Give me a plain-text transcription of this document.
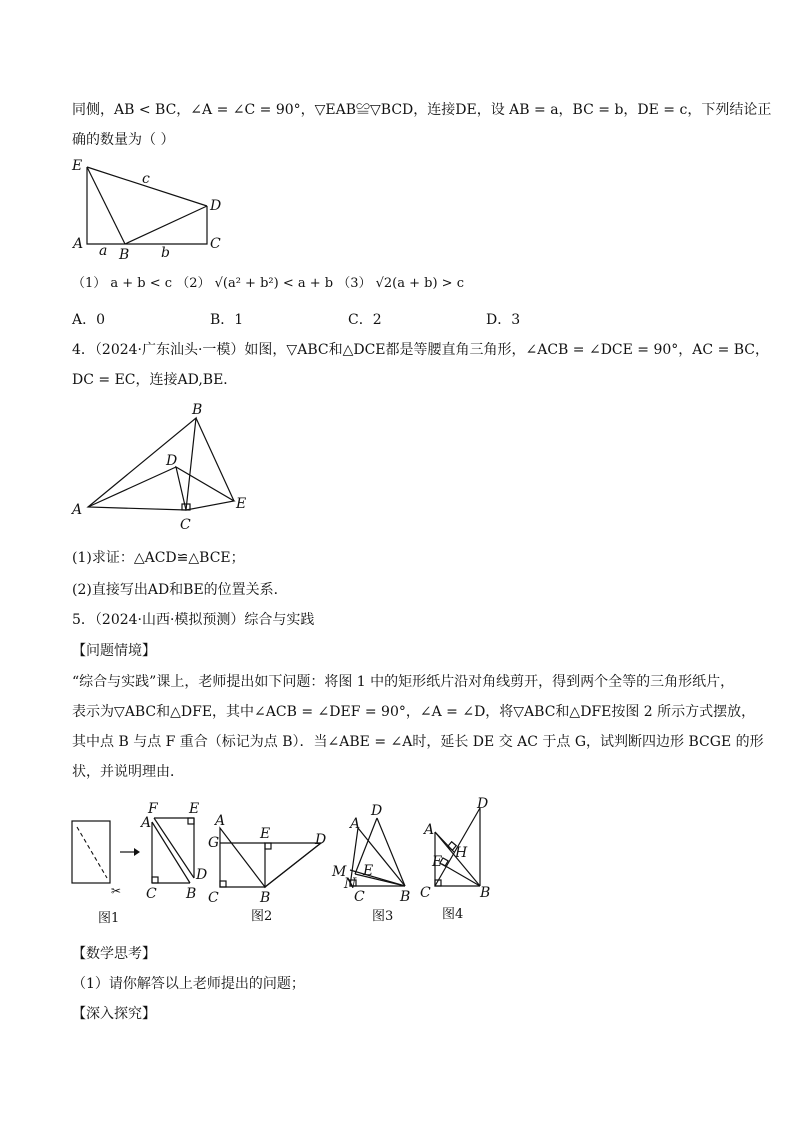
同侧，AB < BC，∠A = ∠C = 90°，▽EAB≌▽BCD，连接DE，设 AB = a，BC = b，DE = c，下列结论正
确的数量为（ ）
E
D
A
B
C
a	b
c
（1） a + b < c （2） √(a² + b²) < a + b （3） √2(a + b) > c
A．0	B．1	C．2	D．3
4．（2024·广东汕头·一模）如图，▽ABC和△DCE都是等腰直角三角形，∠ACB = ∠DCE = 90°，AC = BC，
DC = EC，连接AD,BE．
B
D
A	E
C
(1)求证：△ACD≌△BCE；
(2)直接写出AD和BE的位置关系．
5．（2024·山西·模拟预测）综合与实践
【问题情境】
“综合与实践”课上，老师提出如下问题：将图 1 中的矩形纸片沿对角线剪开，得到两个全等的三角形纸片，
表示为▽ABC和△DFE，其中∠ACB = ∠DEF = 90°，∠A = ∠D，将▽ABC和△DFE按图 2 所示方式摆放，
其中点 B 与点 F 重合（标记为点 B）．当∠ABE = ∠A时，延长 DE 交 AC 于点 G，试判断四边形 BCGE 的形
状，并说明理由．
✂
F E
A
C B
D
图1
A
G
E	D
C	B
图2
D
A
M E
N
C	B
图3
D
A
H
E
C	B
图4
【数学思考】
（1）请你解答以上老师提出的问题；
【深入探究】
